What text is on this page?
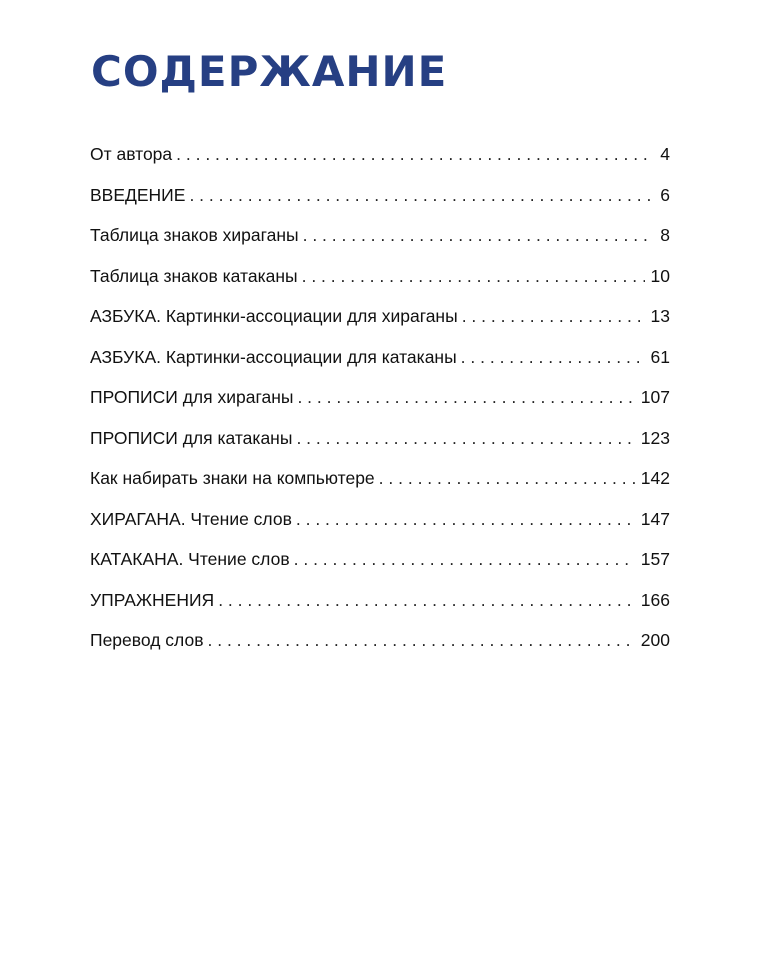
СОДЕРЖАНИЕ
От автора . . .	4
ВВЕДЕНИЕ . . .	6
Таблица знаков хираганы . . .	8
Таблица знаков катаканы . . .	10
АЗБУКА. Картинки-ассоциации для хираганы . . .	13
АЗБУКА. Картинки-ассоциации для катаканы . . .	61
ПРОПИСИ для хираганы . . .	107
ПРОПИСИ для катаканы . . .	123
Как набирать знаки на компьютере . . .	142
ХИРАГАНА. Чтение слов . . .	147
КАТАКАНА. Чтение слов . . .	157
УПРАЖНЕНИЯ . . .	166
Перевод слов . . .	200
